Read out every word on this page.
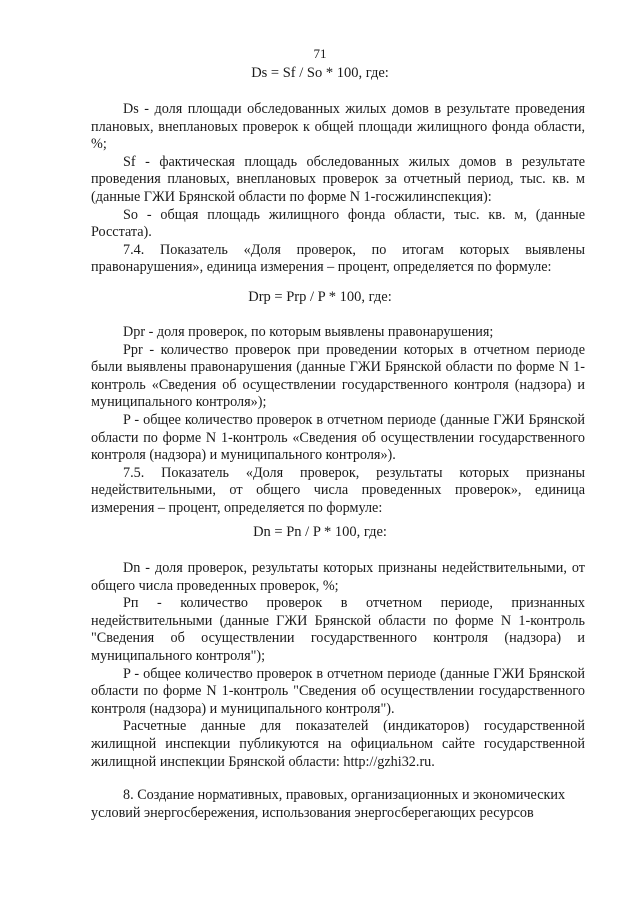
71
Ds = Sf / So * 100, где:

Ds - доля площади обследованных жилых домов в результате проведения плановых, внеплановых проверок к общей площади жилищного фонда области, %;

Sf - фактическая площадь обследованных жилых домов в результате проведения плановых, внеплановых проверок за отчетный период, тыс. кв. м (данные ГЖИ Брянской области по форме N 1-госжилинспекция):

So - общая площадь жилищного фонда области, тыс. кв. м, (данные Росстата).

7.4. Показатель «Доля проверок, по итогам которых выявлены правонарушения», единица измерения – процент, определяется по формуле:

Drp = Prp / P * 100, где:

Dpr - доля проверок, по которым выявлены правонарушения;

Ppr - количество проверок при проведении которых в отчетном периоде были выявлены правонарушения (данные ГЖИ Брянской области по форме N 1-контроль «Сведения об осуществлении государственного контроля (надзора) и муниципального контроля»);

P - общее количество проверок в отчетном периоде (данные ГЖИ Брянской области по форме N 1-контроль «Сведения об осуществлении государственного контроля (надзора) и муниципального контроля»).

7.5. Показатель «Доля проверок, результаты которых признаны недействительными, от общего числа проведенных проверок», единица измерения – процент, определяется по формуле:

Dn = Pn / P * 100, где:

Dn - доля проверок, результаты которых признаны недействительными, от общего числа проведенных проверок, %;

Рп - количество проверок в отчетном периоде, признанных недействительными (данные ГЖИ Брянской области по форме N 1-контроль "Сведения об осуществлении государственного контроля (надзора) и муниципального контроля");

P - общее количество проверок в отчетном периоде (данные ГЖИ Брянской области по форме N 1-контроль "Сведения об осуществлении государственного контроля (надзора) и муниципального контроля").

Расчетные данные для показателей (индикаторов) государственной жилищной инспекции публикуются на официальном сайте государственной жилищной инспекции Брянской области: http://gzhi32.ru.

8. Создание нормативных, правовых, организационных и экономических условий энергосбережения, использования энергосберегающих ресурсов
